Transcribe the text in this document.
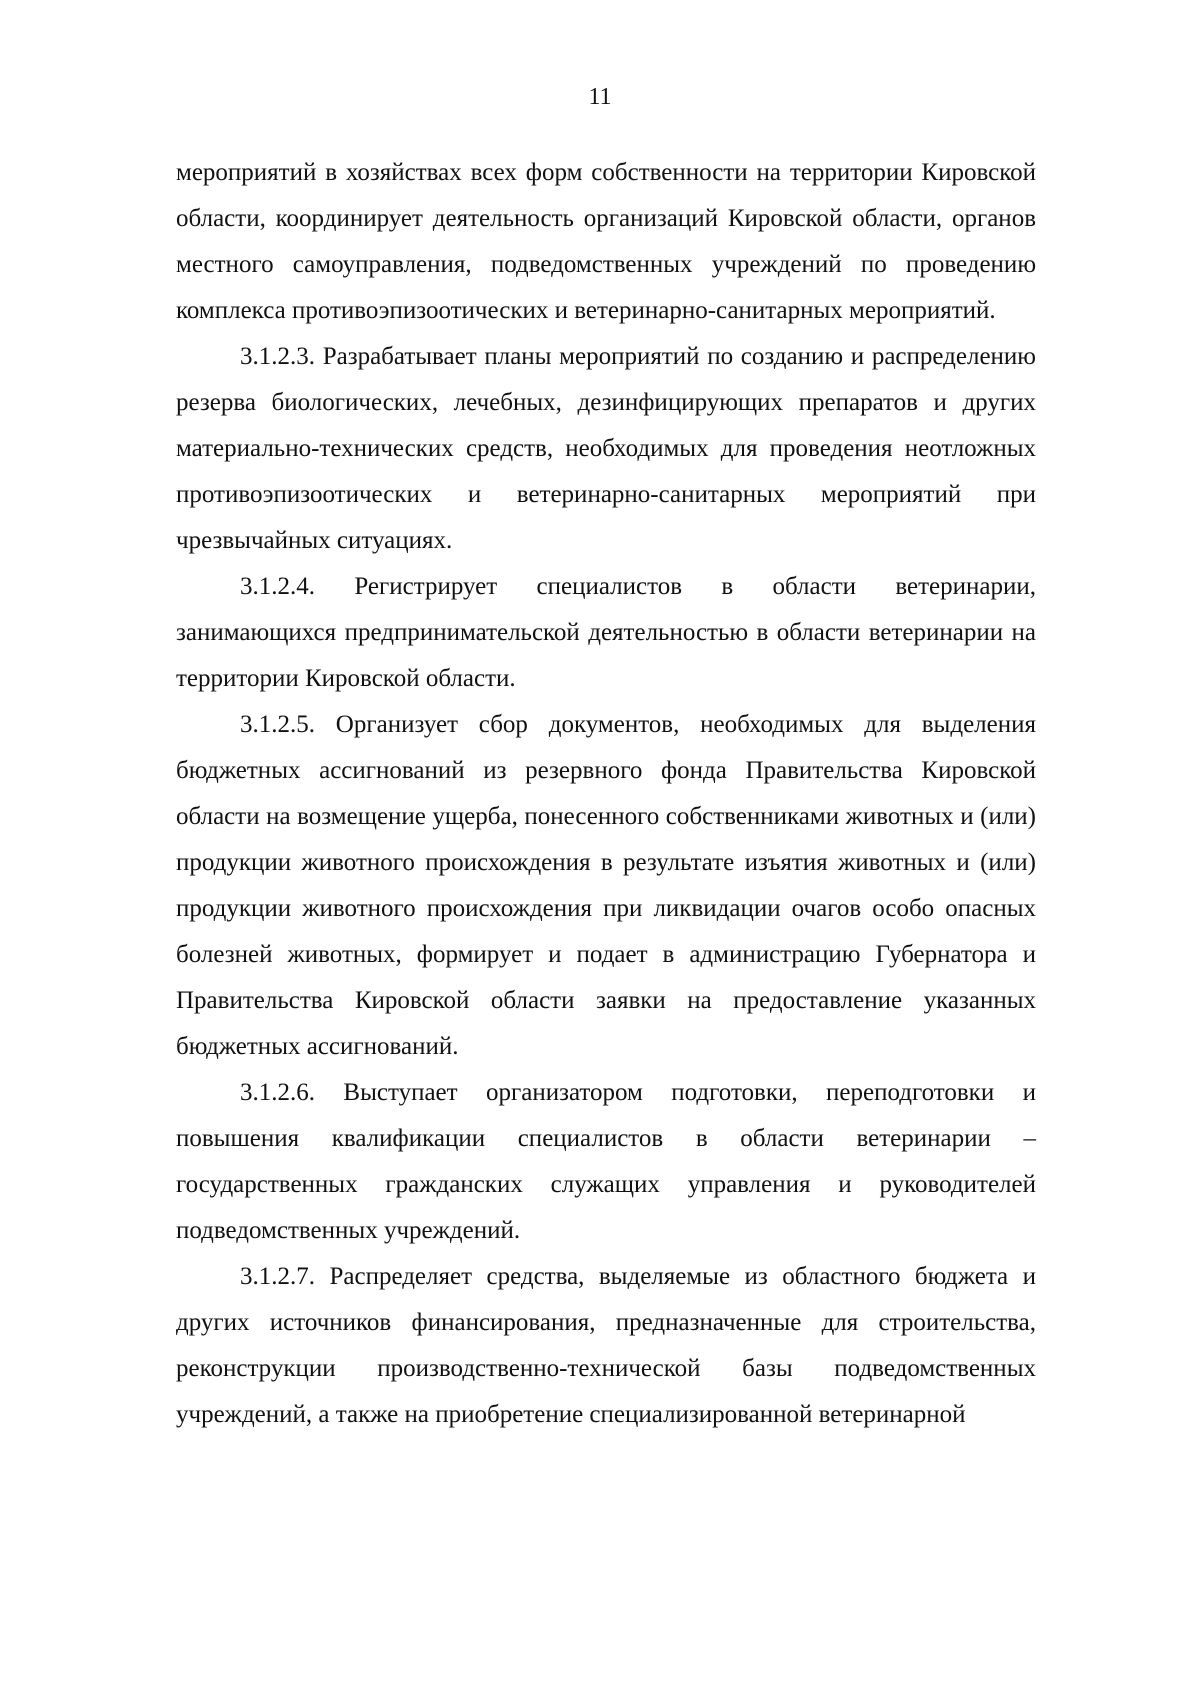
11

мероприятий в хозяйствах всех форм собственности на территории Кировской области, координирует деятельность организаций Кировской области, органов местного самоуправления, подведомственных учреждений по проведению комплекса противоэпизоотических и ветеринарно-санитарных мероприятий.

3.1.2.3. Разрабатывает планы мероприятий по созданию и распределению резерва биологических, лечебных, дезинфицирующих препаратов и других материально-технических средств, необходимых для проведения неотложных противоэпизоотических и ветеринарно-санитарных мероприятий при чрезвычайных ситуациях.

3.1.2.4. Регистрирует специалистов в области ветеринарии, занимающихся предпринимательской деятельностью в области ветеринарии на территории Кировской области.

3.1.2.5. Организует сбор документов, необходимых для выделения бюджетных ассигнований из резервного фонда Правительства Кировской области на возмещение ущерба, понесенного собственниками животных и (или) продукции животного происхождения в результате изъятия животных и (или) продукции животного происхождения при ликвидации очагов особо опасных болезней животных, формирует и подает в администрацию Губернатора и Правительства Кировской области заявки на предоставление указанных бюджетных ассигнований.

3.1.2.6. Выступает организатором подготовки, переподготовки и повышения квалификации специалистов в области ветеринарии – государственных гражданских служащих управления и руководителей подведомственных учреждений.

3.1.2.7. Распределяет средства, выделяемые из областного бюджета и других источников финансирования, предназначенные для строительства, реконструкции производственно-технической базы подведомственных учреждений, а также на приобретение специализированной ветеринарной
